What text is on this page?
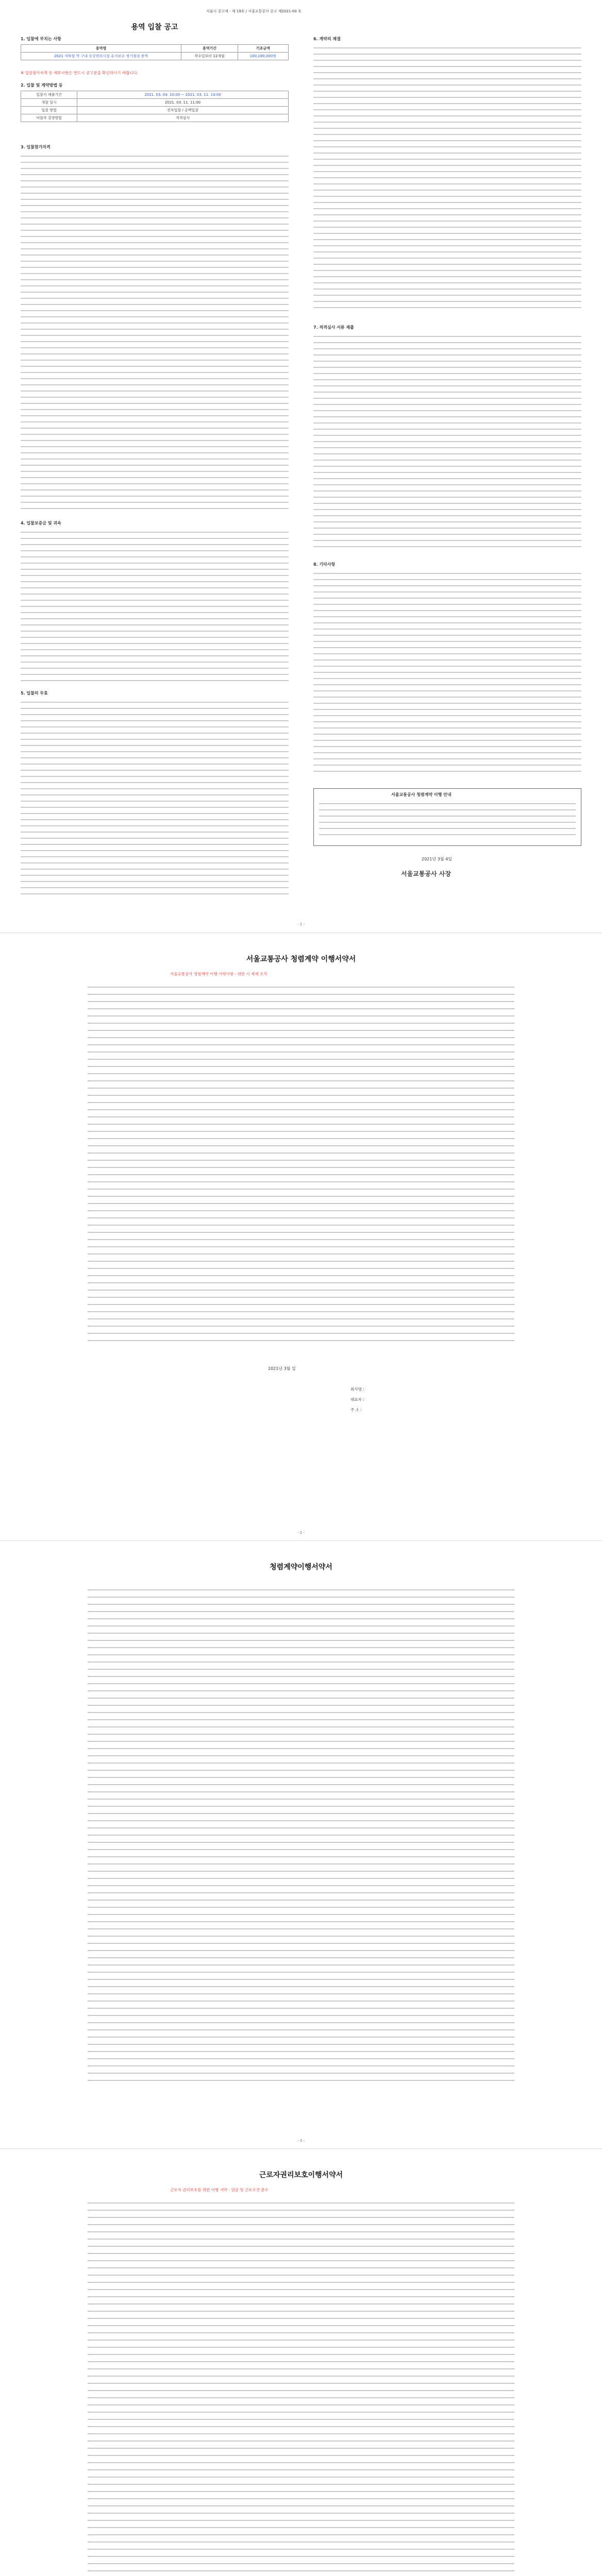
서울시 공고제 - 제 19호 / 서울교통공사 공고 제2021-00 호
용역 입찰 공고
1. 입찰에 부치는 사항
용역명	용역기간	기초금액
2021 지하철 역 구내 승강편의시설 유지보수 정기점검 용역	착수일부터 12개월	100,180,000원
※ 입찰참가자격 등 세부사항은 반드시 공고문을 확인하시기 바랍니다.
2. 입찰 및 계약방법 등
입찰서 제출기간	2021. 03. 04. 10:00 ~ 2021. 03. 11. 10:00
개찰 일시	2021. 03. 11. 11:00
입찰 방법	전자입찰 / 총액입찰
낙찰자 결정방법	적격심사
3. 입찰참가자격
4. 입찰보증금 및 귀속
5. 입찰의 무효
6. 계약의 체결
7. 적격심사 서류 제출
8. 기타사항
서울교통공사 청렴계약 이행 안내
2021년 3월 4일
서울교통공사 사장
- 1 -
서울교통공사 청렴계약 이행서약서
서울교통공사 청렴계약 이행 서약사항 - 위반 시 제재 조치
2021년 3월 일
회사명 :
대표자 :
주 소 :
- 2 -
청렴계약이행서약서
- 3 -
근로자권리보호이행서약서
근로자 권리보호를 위한 이행 서약 - 임금 및 근로조건 준수
